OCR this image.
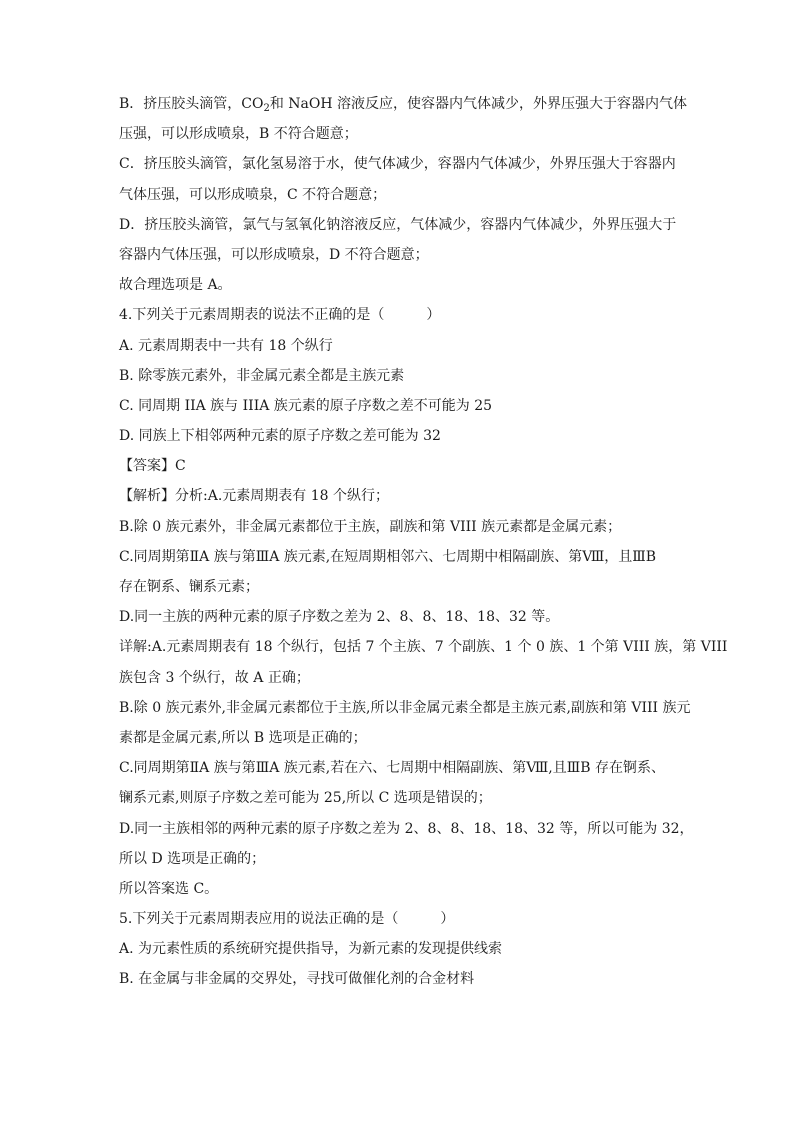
B．挤压胶头滴管，$CO_2$和 NaOH 溶液反应，使容器内气体减少，外界压强大于容器内气体
压强，可以形成喷泉，B 不符合题意；
C．挤压胶头滴管，氯化氢易溶于水，使气体减少，容器内气体减少，外界压强大于容器内
气体压强，可以形成喷泉，C 不符合题意；
D．挤压胶头滴管，氯气与氢氧化钠溶液反应，气体减少，容器内气体减少，外界压强大于
容器内气体压强，可以形成喷泉，D 不符合题意；
故合理选项是 A。
4.下列关于元素周期表的说法不正确的是（　　　）
A. 元素周期表中一共有 18 个纵行
B. 除零族元素外，非金属元素全都是主族元素
C. 同周期 IIA 族与 IIIA 族元素的原子序数之差不可能为 25
D. 同族上下相邻两种元素的原子序数之差可能为 32
【答案】C
【解析】分析:A.元素周期表有 18 个纵行；
B.除 0 族元素外，非金属元素都位于主族，副族和第 VIII 族元素都是金属元素；
C.同周期第ⅡA 族与第ⅢA 族元素,在短周期相邻六、七周期中相隔副族、第Ⅷ，且ⅢB
存在锕系、镧系元素；
D.同一主族的两种元素的原子序数之差为 2、8、8、18、18、32 等。
详解:A.元素周期表有 18 个纵行，包括 7 个主族、7 个副族、1 个 0 族、1 个第 VIII 族，第 VIII
族包含 3 个纵行，故 A 正确；
B.除 0 族元素外,非金属元素都位于主族,所以非金属元素全都是主族元素,副族和第 VIII 族元
素都是金属元素,所以 B 选项是正确的；
C.同周期第ⅡA 族与第ⅢA 族元素,若在六、七周期中相隔副族、第Ⅷ,且ⅢB 存在锕系、
镧系元素,则原子序数之差可能为 25,所以 C 选项是错误的；
D.同一主族相邻的两种元素的原子序数之差为 2、8、8、18、18、32 等，所以可能为 32，
所以 D 选项是正确的；
所以答案选 C。
5.下列关于元素周期表应用的说法正确的是（　　　）
A. 为元素性质的系统研究提供指导，为新元素的发现提供线索
B. 在金属与非金属的交界处，寻找可做催化剂的合金材料
